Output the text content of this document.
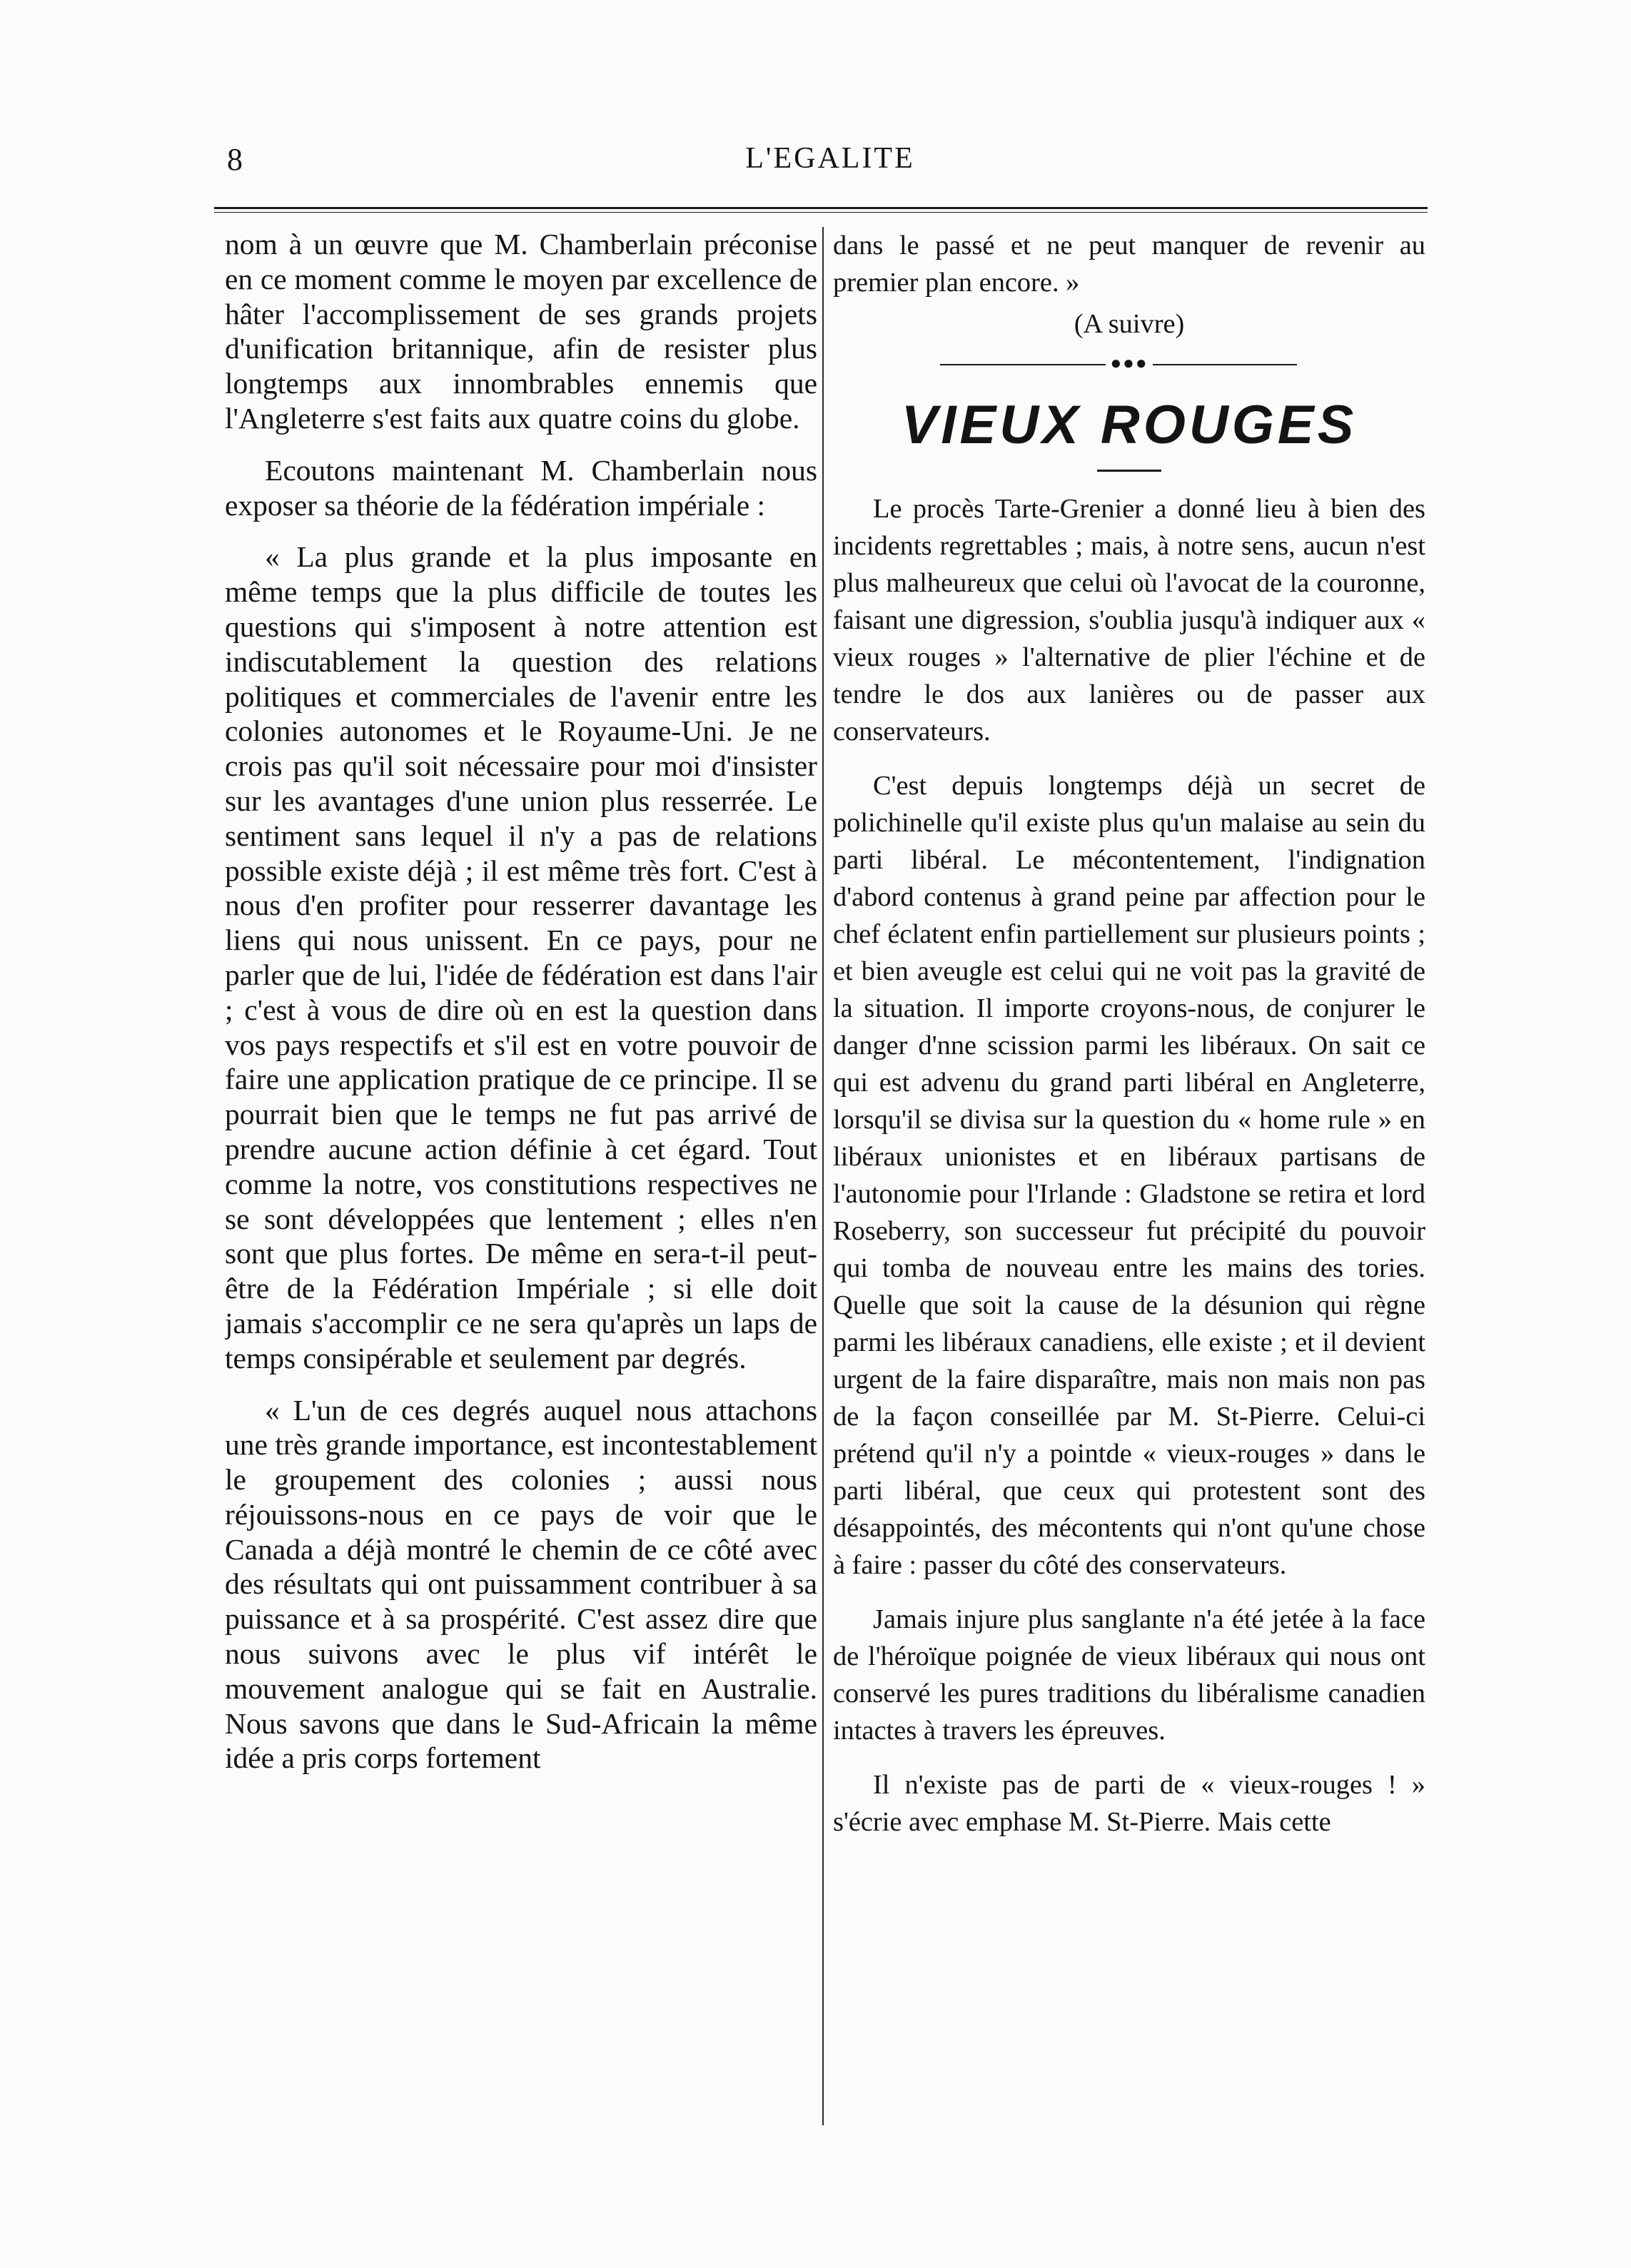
8	L'EGALITE

nom à un œuvre que M. Chamberlain préconise en ce moment comme le moyen par excellence de hâter l'accomplissement de ses grands projets d'unification britannique, afin de resister plus longtemps aux innombrables ennemis que l'Angleterre s'est faits aux quatre coins du globe.

Ecoutons maintenant M. Chamberlain nous exposer sa théorie de la fédération impériale :

« La plus grande et la plus imposante en même temps que la plus difficile de toutes les questions qui s'imposent à notre attention est indiscutablement la question des relations politiques et commerciales de l'avenir entre les colonies autonomes et le Royaume-Uni. Je ne crois pas qu'il soit nécessaire pour moi d'insister sur les avantages d'une union plus resserrée. Le sentiment sans lequel il n'y a pas de relations possible existe déjà ; il est même très fort. C'est à nous d'en profiter pour resserrer davantage les liens qui nous unissent. En ce pays, pour ne parler que de lui, l'idée de fédération est dans l'air ; c'est à vous de dire où en est la question dans vos pays respectifs et s'il est en votre pouvoir de faire une application pratique de ce principe. Il se pourrait bien que le temps ne fut pas arrivé de prendre aucune action définie à cet égard. Tout comme la notre, vos constitutions respectives ne se sont développées que lentement ; elles n'en sont que plus fortes. De même en sera-t-il peut-être de la Fédération Impériale ; si elle doit jamais s'accomplir ce ne sera qu'après un laps de temps consipérable et seulement par degrés.

« L'un de ces degrés auquel nous attachons une très grande importance, est incontestablement le groupement des colonies ; aussi nous réjouissons-nous en ce pays de voir que le Canada a déjà montré le chemin de ce côté avec des résultats qui ont puissamment contribuer à sa puissance et à sa prospérité. C'est assez dire que nous suivons avec le plus vif intérêt le mouvement analogue qui se fait en Australie. Nous savons que dans le Sud-Africain la même idée a pris corps fortement

dans le passé et ne peut manquer de revenir au premier plan encore. »

(A suivre)

●●●
VIEUX ROUGES

Le procès Tarte-Grenier a donné lieu à bien des incidents regrettables ; mais, à notre sens, aucun n'est plus malheureux que celui où l'avocat de la couronne, faisant une digression, s'oublia jusqu'à indiquer aux « vieux rouges » l'alternative de plier l'échine et de tendre le dos aux lanières ou de passer aux conservateurs.

C'est depuis longtemps déjà un secret de polichinelle qu'il existe plus qu'un malaise au sein du parti libéral. Le mécontentement, l'indignation d'abord contenus à grand peine par affection pour le chef éclatent enfin partiellement sur plusieurs points ; et bien aveugle est celui qui ne voit pas la gravité de la situation. Il importe croyons-nous, de conjurer le danger d'nne scission parmi les libéraux. On sait ce qui est advenu du grand parti libéral en Angleterre, lorsqu'il se divisa sur la question du « home rule » en libéraux unionistes et en libéraux partisans de l'autonomie pour l'Irlande : Gladstone se retira et lord Roseberry, son successeur fut précipité du pouvoir qui tomba de nouveau entre les mains des tories. Quelle que soit la cause de la désunion qui règne parmi les libéraux canadiens, elle existe ; et il devient urgent de la faire disparaître, mais non mais non pas de la façon conseillée par M. St-Pierre. Celui-ci prétend qu'il n'y a pointde « vieux-rouges » dans le parti libéral, que ceux qui protestent sont des désappointés, des mécontents qui n'ont qu'une chose à faire : passer du côté des conservateurs.

Jamais injure plus sanglante n'a été jetée à la face de l'héroïque poignée de vieux libéraux qui nous ont conservé les pures traditions du libéralisme canadien intactes à travers les épreuves.

Il n'existe pas de parti de « vieux-rouges ! » s'écrie avec emphase M. St-Pierre. Mais cette
